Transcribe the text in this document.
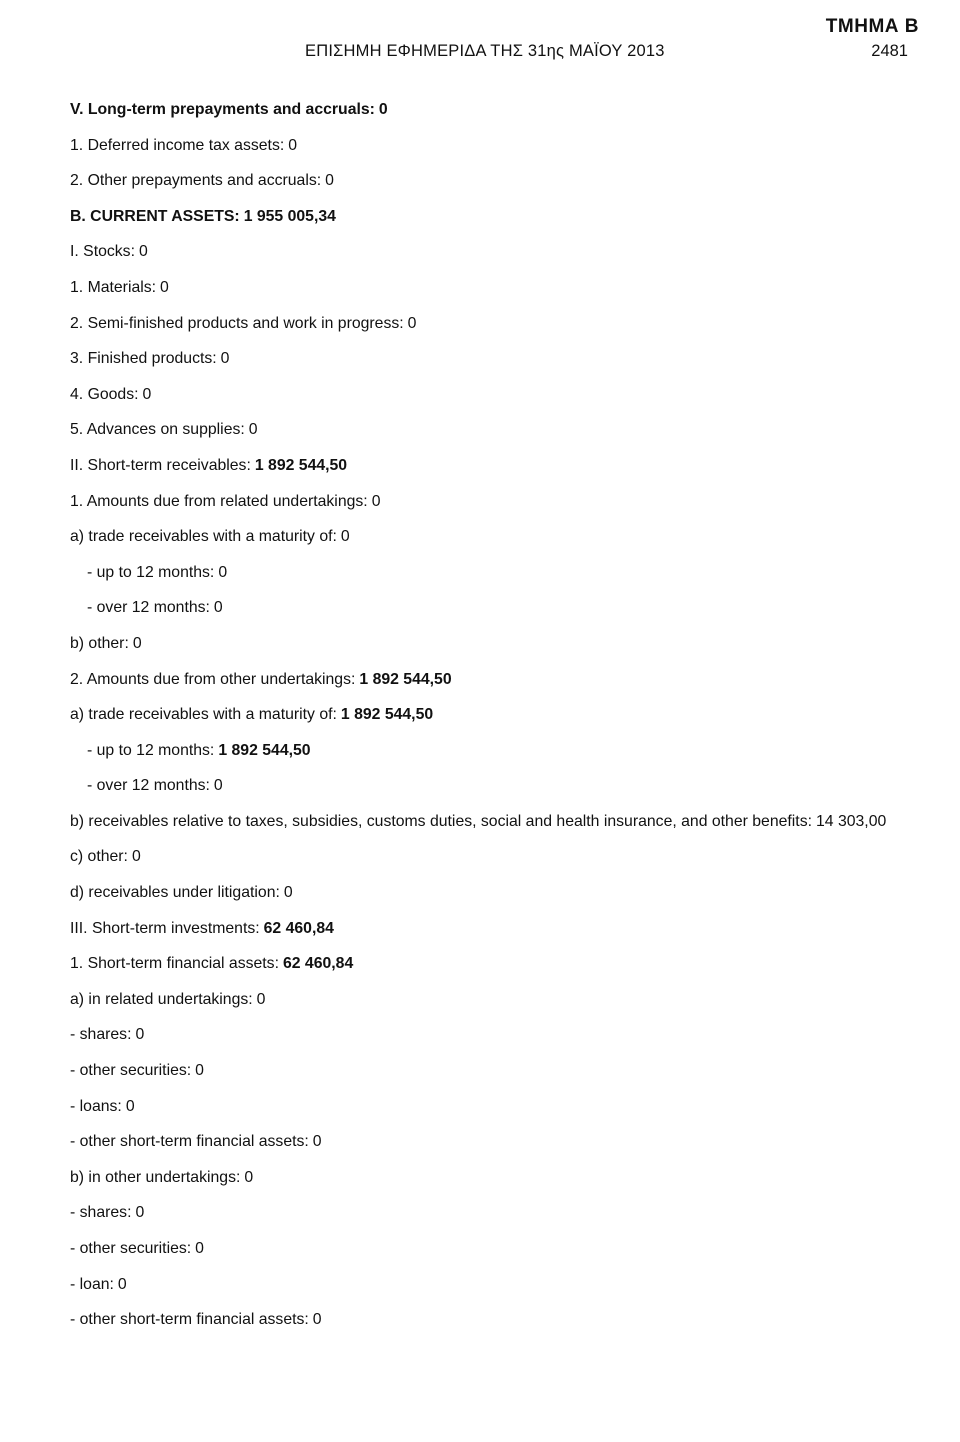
ΤΜΗΜΑ Β
ΕΠΙΣΗΜΗ ΕΦΗΜΕΡΙΔΑ ΤΗΣ 31ης ΜΑΪΟΥ 2013	2481
V. Long-term prepayments and accruals: 0
1. Deferred income tax assets: 0
2. Other prepayments and accruals: 0
B. CURRENT ASSETS: 1 955 005,34
I. Stocks: 0
1. Materials: 0
2. Semi-finished products and work in progress: 0
3. Finished products: 0
4. Goods: 0
5. Advances on supplies: 0
II. Short-term receivables: 1 892 544,50
1. Amounts due from related undertakings: 0
a) trade receivables with a maturity of: 0
- up to 12 months: 0
- over 12 months: 0
b) other: 0
2. Amounts due from other undertakings: 1 892 544,50
a) trade receivables with a maturity of: 1 892 544,50
- up to 12 months: 1 892 544,50
- over 12 months: 0
b) receivables relative to taxes, subsidies, customs duties, social and health insurance, and other benefits: 14 303,00
c) other: 0
d) receivables under litigation: 0
III. Short-term investments: 62 460,84
1. Short-term financial assets: 62 460,84
a) in related undertakings: 0
- shares: 0
- other securities: 0
- loans: 0
- other short-term financial assets: 0
b) in other undertakings: 0
- shares: 0
- other securities: 0
- loan: 0
- other short-term financial assets: 0
